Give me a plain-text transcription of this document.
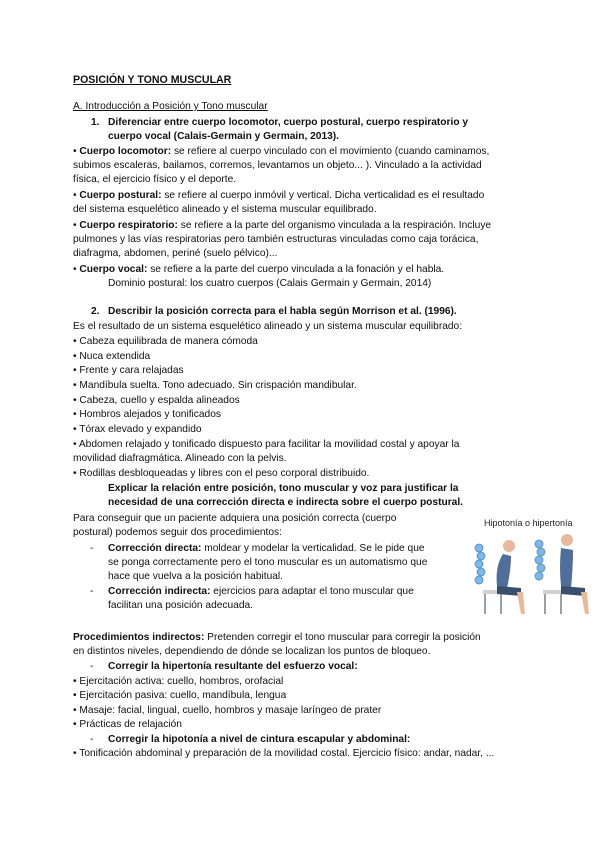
POSICIÓN Y TONO MUSCULAR
A. Introducción a Posición y Tono muscular
1. Diferenciar entre cuerpo locomotor, cuerpo postural, cuerpo respiratorio y
cuerpo vocal (Calais-Germain y Germain, 2013).
• Cuerpo locomotor: se refiere al cuerpo vinculado con el movimiento (cuando caminamos,
subimos escaleras, bailamos, corremos, levantamos un objeto... ). Vinculado a la actividad
física, el ejercicio físico y el deporte.
• Cuerpo postural: se refiere al cuerpo inmóvil y vertical. Dicha verticalidad es el resultado
del sistema esquelético alineado y el sistema muscular equilibrado.
• Cuerpo respiratorio: se refiere a la parte del organismo vinculada a la respiración. Incluye
pulmones y las vías respiratorias pero también estructuras vinculadas como caja torácica,
diafragma, abdomen, periné (suelo pélvico)...
• Cuerpo vocal: se refiere a la parte del cuerpo vinculada a la fonación y el habla.
Dominio postural: los cuatro cuerpos (Calais Germain y Germain, 2014)
2. Describir la posición correcta para el habla según Morrison et al. (1996).
Es el resultado de un sistema esquelético alineado y un sistema muscular equilibrado:
• Cabeza equilibrada de manera cómoda
• Nuca extendida
• Frente y cara relajadas
• Mandíbula suelta. Tono adecuado. Sin crispación mandibular.
• Cabeza, cuello y espalda alineados
• Hombros alejados y tonificados
• Tórax elevado y expandido
• Abdomen relajado y tonificado dispuesto para facilitar la movilidad costal y apoyar la
movilidad diafragmática. Alineado con la pelvis.
• Rodillas desbloqueadas y libres con el peso corporal distribuido.
Explicar la relación entre posición, tono muscular y voz para justificar la
necesidad de una corrección directa e indirecta sobre el cuerpo postural.
Para conseguir que un paciente adquiera una posición correcta (cuerpo
postural) podemos seguir dos procedimientos:
- Corrección directa: moldear y modelar la verticalidad. Se le pide que
se ponga correctamente pero el tono muscular es un automatismo que
hace que vuelva a la posición habitual.
- Corrección indirecta: ejercicios para adaptar el tono muscular que
facilitan una posición adecuada.
Hipotonía o hipertonía
Procedimientos indirectos: Pretenden corregir el tono muscular para corregir la posición
en distintos niveles, dependiendo de dónde se localizan los puntos de bloqueo.
- Corregir la hipertonía resultante del esfuerzo vocal:
• Ejercitación activa: cuello, hombros, orofacial
• Ejercitación pasiva: cuello, mandíbula, lengua
• Masaje: facial, lingual, cuello, hombros y masaje laríngeo de prater
• Prácticas de relajación
- Corregir la hipotonía a nivel de cintura escapular y abdominal:
• Tonificación abdominal y preparación de la movilidad costal. Ejercicio físico: andar, nadar, ...
